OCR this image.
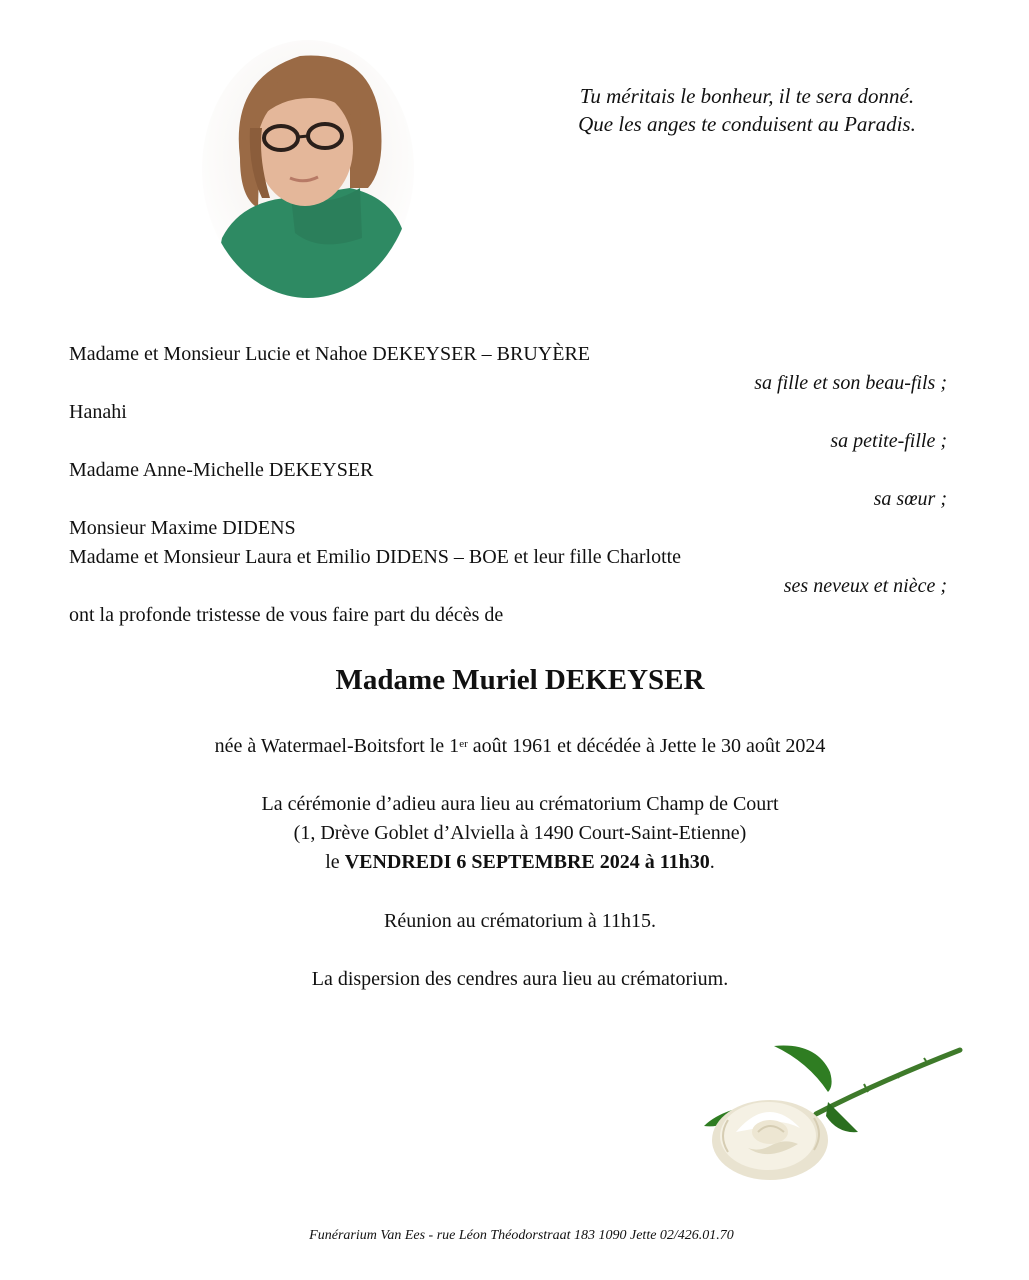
Tu méritais le bonheur, il te sera donné.
Que les anges te conduisent au Paradis.
Madame et Monsieur Lucie et Nahoe DEKEYSER – BRUYÈRE
sa fille et son beau-fils ;
Hanahi
sa petite-fille ;
Madame Anne-Michelle DEKEYSER
sa sœur ;
Monsieur Maxime DIDENS
Madame et Monsieur Laura et Emilio DIDENS – BOE et leur fille Charlotte
ses neveux et nièce ;
ont la profonde tristesse de vous faire part du décès de
Madame Muriel DEKEYSER
née à Watermael-Boitsfort le 1er août 1961 et décédée à Jette le 30 août 2024
La cérémonie d’adieu aura lieu au crématorium Champ de Court
(1, Drève Goblet d’Alviella à 1490 Court-Saint-Etienne)
le VENDREDI 6 SEPTEMBRE 2024 à 11h30.
Réunion au crématorium à 11h15.
La dispersion des cendres aura lieu au crématorium.
Funérarium Van Ees - rue Léon Théodorstraat 183 1090 Jette 02/426.01.70
